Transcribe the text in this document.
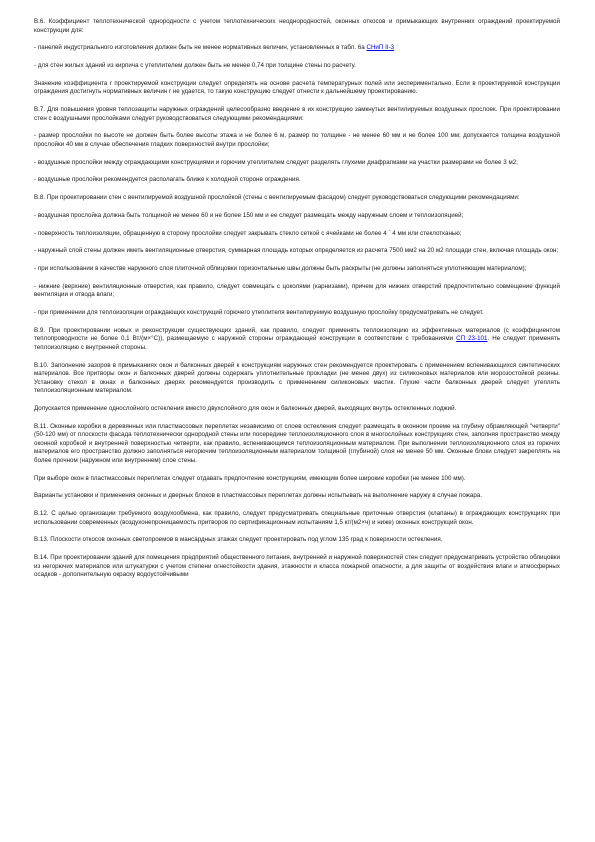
В.6. Коэффициент теплотехнической однородности с учетом теплотехнических неоднородностей, оконных откосов и примыкающих внутренних ограждений проектируемой конструкции для:

- панелей индустриального изготовления должен быть не менее нормативных величин, установленных в табл. 6а СНиП II-3

- для стен жилых зданий из кирпича с утеплителем должен быть не менее 0,74 при толщине стены по расчету.

Значение коэффициента r проектируемой конструкции следует определять на основе расчета температурных полей или экспериментально. Если в проектируемой конструкции ограждения достигнуть нормативных величин r не удается, то такую конструкцию следует отнести к дальнейшему проектированию.

В.7. Для повышения уровня теплозащиты наружных ограждений целесообразно введение в их конструкцию замкнутых вентилируемых воздушных прослоек. При проектировании стен с воздушными прослойками следует руководствоваться следующими рекомендациями:

- размер прослойки по высоте не должен быть более высоты этажа и не более 6 м, размер по толщине - не менее 60 мм и не более 100 мм; допускается толщина воздушной прослойки 40 мм в случае обеспечения гладких поверхностей внутри прослойки;

- воздушные прослойки между ограждающими конструкциями и горючим утеплителем следует разделять глухими диафрагмами на участки размерами не более 3 м2;

- воздушные прослойки рекомендуется располагать ближе к холодной стороне ограждения.

В.8. При проектировании стен с вентилируемой воздушной прослойкой (стены с вентилируемым фасадом) следует руководствоваться следующими рекомендациями:

- воздушная прослойка должна быть толщиной не менее 60 и не более 150 мм и ее следует размещать между наружным слоем и теплоизоляцией;

- поверхность теплоизоляции, обращенную в сторону прослойки следует закрывать стекло сеткой с ячейками не более 4 ´ 4 мм или стеклотканью;

- наружный слой стены должен иметь вентиляционные отверстия, суммарная площадь которых определяется из расчета 7500 мм2 на 20 м2 площади стен, включая площадь окон;

- при использовании в качестве наружного слоя плиточной облицовки горизонтальные швы должны быть раскрыты (не должны заполняться уплотняющим материалом);

- нижние (верхние) вентиляционные отверстия, как правило, следует совмещать с цоколями (карнизами), причем для нижних отверстий предпочтительно совмещение функций вентиляции и отвода влаги;

- при применении для теплоизоляции ограждающих конструкций горючего утеплителя вентилируемую воздушную прослойку предусматривать не следует.

В.9. При проектировании новых и реконструкции существующих зданий, как правило, следует применять теплоизоляцию из эффективных материалов (с коэффициентом теплопроводности не более 0,1 Вт/(м×°С)), размещаемую с наружной стороны ограждающей конструкции в соответствии с требованиями СП 23-101. Не следует применять теплоизоляцию с внутренней стороны.

В.10. Заполнение зазоров в примыканиях окон и балконных дверей к конструкциям наружных стен рекомендуется проектировать с применением вспенивающихся синтетических материалов. Все притворы окон и балконных дверей должны содержать уплотнительные прокладки (не менее двух) из силиконовых материалов или морозостойкой резины. Установку стекол в окнах и балконных дверях рекомендуется производить с применением силиконовых мастик. Глухие части балконных дверей следует утеплять теплоизоляционным материалом.

Допускается применение однослойного остекления вместо двухслойного для окон и балконных дверей, выходящих внутрь остекленных лоджий.

В.11. Оконные коробки в деревянных или пластмассовых переплетах независимо от слоев остекления следует размещать в оконном проеме на глубину обрамляющей "четверти" (50-120 мм) от плоскости фасада теплотехнически однородной стены или посередине теплоизоляционного слоя в многослойных конструкциях стен, заполняя пространство между оконной коробкой и внутренней поверхностью четверти, как правило, вспенивающимся теплоизоляционным материалом. При выполнении теплоизоляционного слоя из горючих материалов его пространство должно заполняться негорючим теплоизоляционным материалом толщиной (глубиной) слоя не менее 50 мм. Оконные блоки следует закреплять на более прочном (наружном или внутреннем) слое стены.

При выборе окон в пластмассовых переплетах следует отдавать предпочтение конструкциям, имеющим более широкие коробки (не менее 100 мм).

Варианты установки и применения оконных и дверных блоков в пластмассовых переплетах должны испытывать на выполнение наружу в случае пожара.

В.12. С целью организации требуемого воздухообмена, как правило, следует предусматривать специальные приточные отверстия (клапаны) в ограждающих конструкциях при использовании современных (воздухонепроницаемость притворов по сертификационным испытаниям 1,5 кг/(м2×ч) и ниже) оконных конструкций окон.

В.13. Плоскости откосов оконных светопроемов в мансардных этажах следует проектировать под углом 135 град к поверхности остекления.

В.14. При проектировании зданий для помещения предприятий общественного питания, внутренней и наружной поверхностей стен следует предусматривать устройство облицовки из негорючих материалов или штукатурки с учетом степени огнестойкости здания, этажности и класса пожарной опасности, а для защиты от воздействия влаги и атмосферных осадков - дополнительную окраску водоустойчивыми
